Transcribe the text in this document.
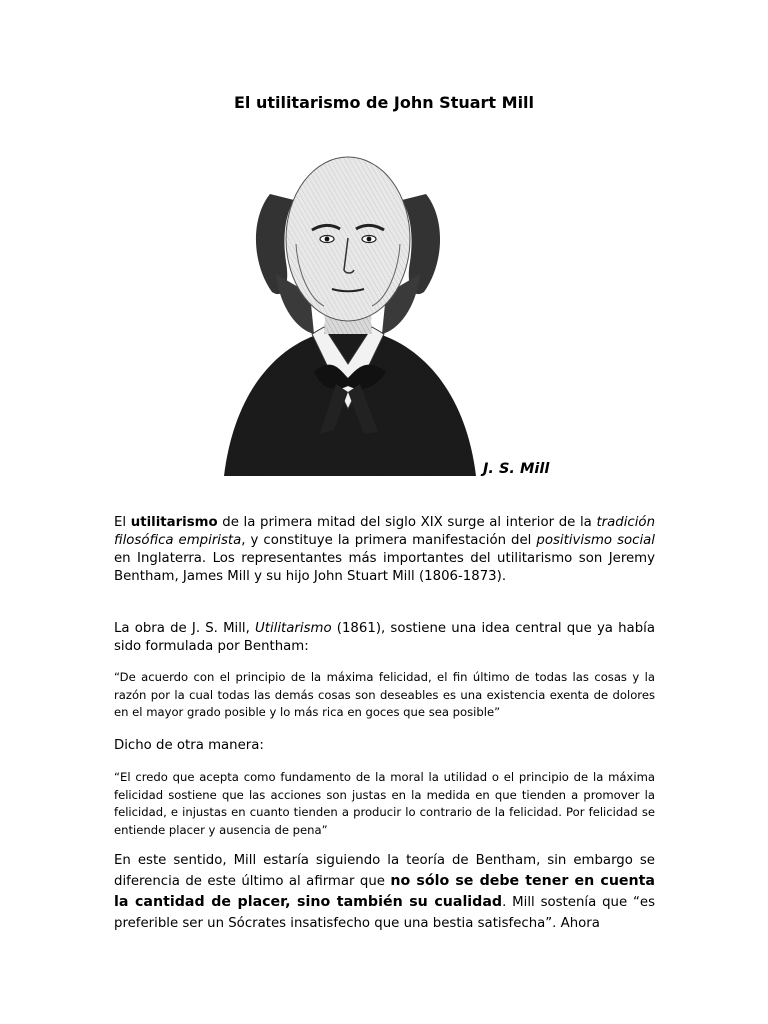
El utilitarismo de John Stuart Mill
J. S. Mill

El utilitarismo de la primera mitad del siglo XIX surge al interior de la tradición filosófica empirista, y constituye la primera manifestación del positivismo social en Inglaterra. Los representantes más importantes del utilitarismo son Jeremy Bentham, James Mill y su hijo John Stuart Mill (1806-1873).

La obra de J. S. Mill, Utilitarismo (1861), sostiene una idea central que ya había sido formulada por Bentham:

“De acuerdo con el principio de la máxima felicidad, el fin último de todas las cosas y la razón por la cual todas las demás cosas son deseables es una existencia exenta de dolores en el mayor grado posible y lo más rica en goces que sea posible”

Dicho de otra manera:

“El credo que acepta como fundamento de la moral la utilidad o el principio de la máxima felicidad sostiene que las acciones son justas en la medida en que tienden a promover la felicidad, e injustas en cuanto tienden a producir lo contrario de la felicidad. Por felicidad se entiende placer y ausencia de pena”

En este sentido, Mill estaría siguiendo la teoría de Bentham, sin embargo se diferencia de este último al afirmar que no sólo se debe tener en cuenta la cantidad de placer, sino también su cualidad. Mill sostenía que “es preferible ser un Sócrates insatisfecho que una bestia satisfecha”. Ahora
